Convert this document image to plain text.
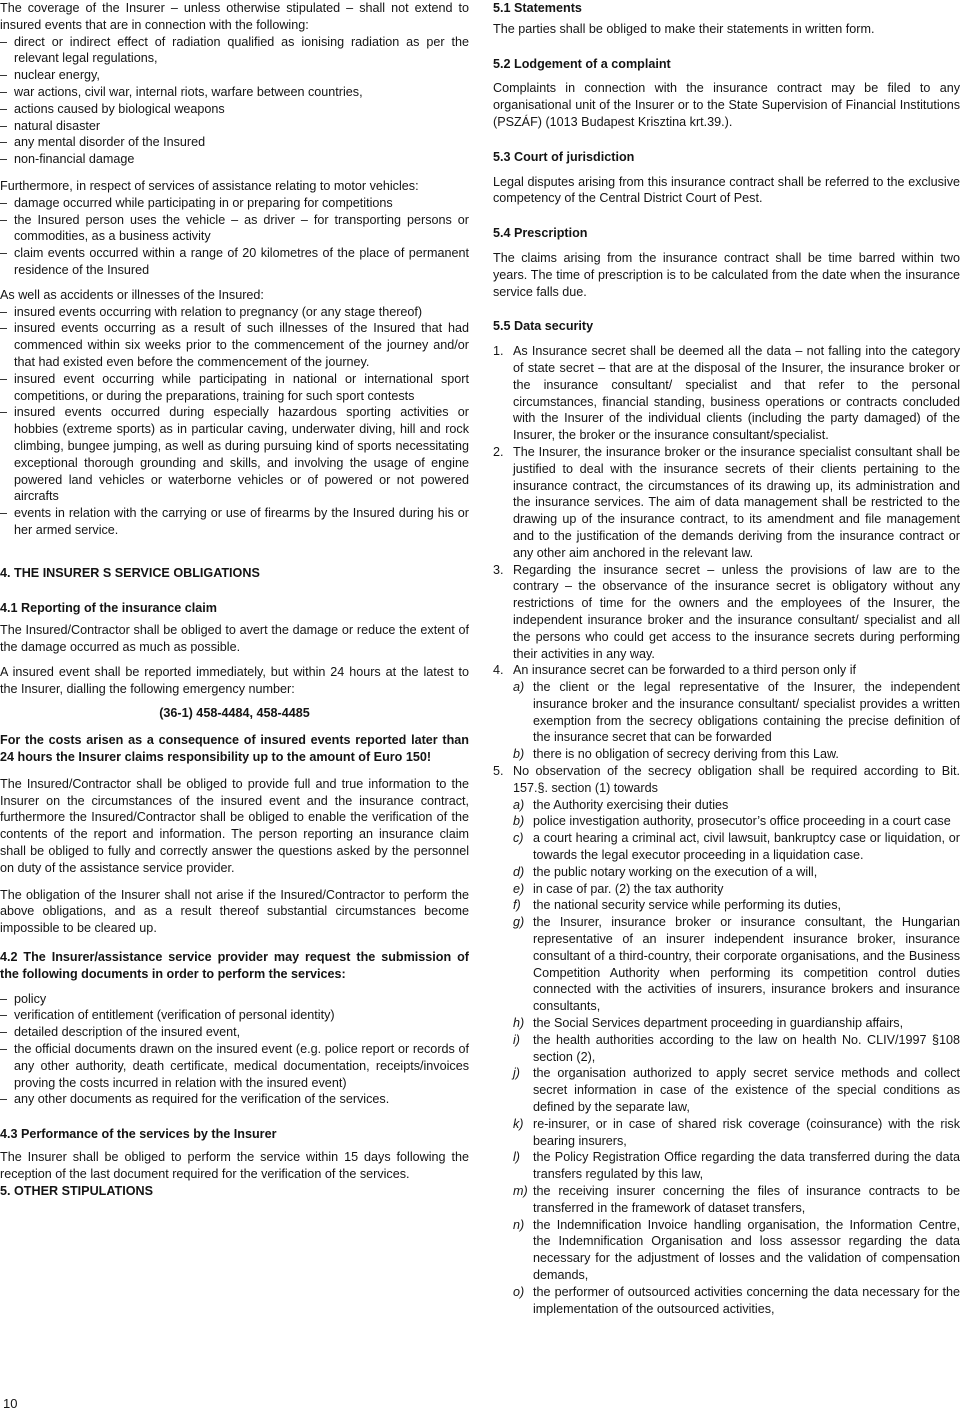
The coverage of the Insurer – unless otherwise stipulated – shall not extend to insured events that are in connection with the following:

– direct or indirect effect of radiation qualified as ionising radiation as per the relevant legal regulations,
– nuclear energy,
– war actions, civil war, internal riots, warfare between countries,
– actions caused by biological weapons
– natural disaster
– any mental disorder of the Insured
– non-financial damage

Furthermore, in respect of services of assistance relating to motor vehicles:

– damage occurred while participating in or preparing for competitions
– the Insured person uses the vehicle – as driver – for transporting persons or commodities, as a business activity
– claim events occurred within a range of 20 kilometres of the place of permanent residence of the Insured

As well as accidents or illnesses of the Insured:

– insured events occurring with relation to pregnancy (or any stage thereof)
– insured events occurring as a result of such illnesses of the Insured that had commenced within six weeks prior to the commencement of the journey and/or that had existed even before the commencement of the journey.
– insured event occurring while participating in national or international sport competitions, or during the preparations, training for such sport contests
– insured events occurred during especially hazardous sporting activities or hobbies (extreme sports) as in particular caving, underwater diving, hill and rock climbing, bungee jumping, as well as during pursuing kind of sports necessitating exceptional thorough grounding and skills, and involving the usage of engine powered land vehicles or waterborne vehicles or of powered or not powered aircrafts
– events in relation with the carrying or use of firearms by the Insured during his or her armed service.

4. THE INSURER S SERVICE OBLIGATIONS

4.1 Reporting of the insurance claim

The Insured/Contractor shall be obliged to avert the damage or reduce the extent of the damage occurred as much as possible.

A insured event shall be reported immediately, but within 24 hours at the latest to the Insurer, dialling the following emergency number:

(36-1) 458-4484, 458-4485

For the costs arisen as a consequence of insured events reported later than 24 hours the Insurer claims responsibility up to the amount of Euro 150!

The Insured/Contractor shall be obliged to provide full and true information to the Insurer on the circumstances of the insured event and the insurance contract, furthermore the Insured/Contractor shall be obliged to enable the verification of the contents of the report and information. The person reporting an insurance claim shall be obliged to fully and correctly answer the questions asked by the personnel on duty of the assistance service provider.

The obligation of the Insurer shall not arise if the Insured/Contractor to perform the above obligations, and as a result thereof substantial circumstances become impossible to be cleared up.

4.2 The Insurer/assistance service provider may request the submission of the following documents in order to perform the services:

– policy
– verification of entitlement (verification of personal identity)
– detailed description of the insured event,
– the official documents drawn on the insured event (e.g. police report or records of any other authority, death certificate, medical documentation, receipts/invoices proving the costs incurred in relation with the insured event)
– any other documents as required for the verification of the services.

4.3 Performance of the services by the Insurer

The Insurer shall be obliged to perform the service within 15 days following the reception of the last document required for the verification of the services.

5. OTHER STIPULATIONS

10

5.1 Statements

The parties shall be obliged to make their statements in written form.

5.2 Lodgement of a complaint

Complaints in connection with the insurance contract may be filed to any organisational unit of the Insurer or to the State Supervision of Financial Institutions (PSZÁF) (1013 Budapest Krisztina krt.39.).

5.3 Court of jurisdiction

Legal disputes arising from this insurance contract shall be referred to the exclusive competency of the Central District Court of Pest.

5.4 Prescription

The claims arising from the insurance contract shall be time barred within two years. The time of prescription is to be calculated from the date when the insurance service falls due.

5.5 Data security

1. As Insurance secret shall be deemed all the data – not falling into the category of state secret – that are at the disposal of the Insurer, the insurance broker or the insurance consultant/ specialist and that refer to the personal circumstances, financial standing, business operations or contracts concluded with the Insurer of the individual clients (including the party damaged) of the Insurer, the broker or the insurance consultant/specialist.
2. The Insurer, the insurance broker or the insurance specialist consultant shall be justified to deal with the insurance secrets of their clients pertaining to the insurance contract, the circumstances of its drawing up, its administration and the insurance services. The aim of data management shall be restricted to the drawing up of the insurance contract, to its amendment and file management and to the justification of the demands deriving from the insurance contract or any other aim anchored in the relevant law.
3. Regarding the insurance secret – unless the provisions of law are to the contrary – the observance of the insurance secret is obligatory without any restrictions of time for the owners and the employees of the Insurer, the independent insurance broker and the insurance consultant/ specialist and all the persons who could get access to the insurance secrets during performing their activities in any way.
4. An insurance secret can be forwarded to a third person only if
a) the client or the legal representative of the Insurer, the independent insurance broker and the insurance consultant/ specialist provides a written exemption from the secrecy obligations containing the precise definition of the insurance secret that can be forwarded
b) there is no obligation of secrecy deriving from this Law.
5. No observation of the secrecy obligation shall be required according to Bit. 157.§. section (1) towards
a) the Authority exercising their duties
b) police investigation authority, prosecutor’s office proceeding in a court case
c) a court hearing a criminal act, civil lawsuit, bankruptcy case or liquidation, or towards the legal executor proceeding in a liquidation case.
d) the public notary working on the execution of a will,
e) in case of par. (2) the tax authority
f) the national security service while performing its duties,
g) the Insurer, insurance broker or insurance consultant, the Hungarian representative of an insurer independent insurance broker, insurance consultant of a third-country, their corporate organisations, and the Business Competition Authority when performing its competition control duties connected with the activities of insurers, insurance brokers and insurance consultants,
h) the Social Services department proceeding in guardianship affairs,
i) the health authorities according to the law on health No. CLIV/1997 §108 section (2),
j) the organisation authorized to apply secret service methods and collect secret information in case of the existence of the special conditions as defined by the separate law,
k) re-insurer, or in case of shared risk coverage (coinsurance) with the risk bearing insurers,
l) the Policy Registration Office regarding the data transferred during the data transfers regulated by this law,
m) the receiving insurer concerning the files of insurance contracts to be transferred in the framework of dataset transfers,
n) the Indemnification Invoice handling organisation, the Information Centre, the Indemnification Organisation and loss assessor regarding the data necessary for the adjustment of losses and the validation of compensation demands,
o) the performer of outsourced activities concerning the data necessary for the implementation of the outsourced activities,
